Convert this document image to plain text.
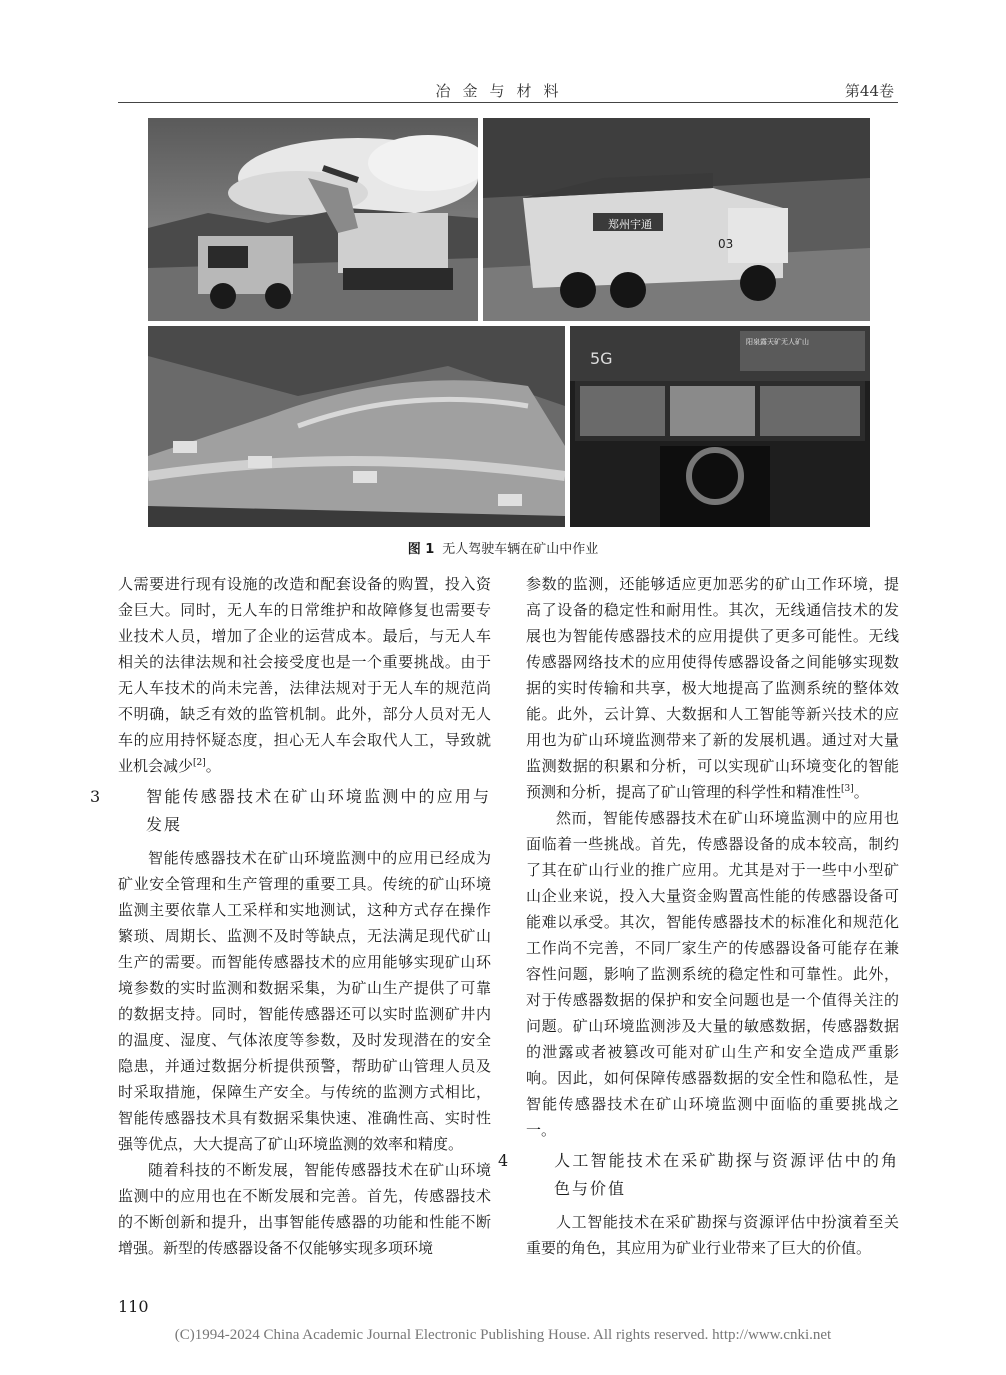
冶金与材料	第44卷
郑州宇通
03
5G
阳泉露天矿无人矿山
图 1 无人驾驶车辆在矿山中作业

人需要进行现有设施的改造和配套设备的购置，投入资金巨大。同时，无人车的日常维护和故障修复也需要专业技术人员，增加了企业的运营成本。最后，与无人车相关的法律法规和社会接受度也是一个重要挑战。由于无人车技术的尚未完善，法律法规对于无人车的规范尚不明确，缺乏有效的监管机制。此外，部分人员对无人车的应用持怀疑态度，担心无人车会取代人工，导致就业机会减少[2]。

3	智能传感器技术在矿山环境监测中的应用与发展

智能传感器技术在矿山环境监测中的应用已经成为矿业安全管理和生产管理的重要工具。传统的矿山环境监测主要依靠人工采样和实地测试，这种方式存在操作繁琐、周期长、监测不及时等缺点，无法满足现代矿山生产的需要。而智能传感器技术的应用能够实现矿山环境参数的实时监测和数据采集，为矿山生产提供了可靠的数据支持。同时，智能传感器还可以实时监测矿井内的温度、湿度、气体浓度等参数，及时发现潜在的安全隐患，并通过数据分析提供预警，帮助矿山管理人员及时采取措施，保障生产安全。与传统的监测方式相比，智能传感器技术具有数据采集快速、准确性高、实时性强等优点，大大提高了矿山环境监测的效率和精度。

随着科技的不断发展，智能传感器技术在矿山环境监测中的应用也在不断发展和完善。首先，传感器技术的不断创新和提升，出事智能传感器的功能和性能不断增强。新型的传感器设备不仅能够实现多项环境

参数的监测，还能够适应更加恶劣的矿山工作环境，提高了设备的稳定性和耐用性。其次，无线通信技术的发展也为智能传感器技术的应用提供了更多可能性。无线传感器网络技术的应用使得传感器设备之间能够实现数据的实时传输和共享，极大地提高了监测系统的整体效能。此外，云计算、大数据和人工智能等新兴技术的应用也为矿山环境监测带来了新的发展机遇。通过对大量监测数据的积累和分析，可以实现矿山环境变化的智能预测和分析，提高了矿山管理的科学性和精准性[3]。

然而，智能传感器技术在矿山环境监测中的应用也面临着一些挑战。首先，传感器设备的成本较高，制约了其在矿山行业的推广应用。尤其是对于一些中小型矿山企业来说，投入大量资金购置高性能的传感器设备可能难以承受。其次，智能传感器技术的标准化和规范化工作尚不完善，不同厂家生产的传感器设备可能存在兼容性问题，影响了监测系统的稳定性和可靠性。此外，对于传感器数据的保护和安全问题也是一个值得关注的问题。矿山环境监测涉及大量的敏感数据，传感器数据的泄露或者被篡改可能对矿山生产和安全造成严重影响。因此，如何保障传感器数据的安全性和隐私性，是智能传感器技术在矿山环境监测中面临的重要挑战之一。

4	人工智能技术在采矿勘探与资源评估中的角色与价值

人工智能技术在采矿勘探与资源评估中扮演着至关重要的角色，其应用为矿业行业带来了巨大的价值。

110
(C)1994-2024 China Academic Journal Electronic Publishing House. All rights reserved. http://www.cnki.net
